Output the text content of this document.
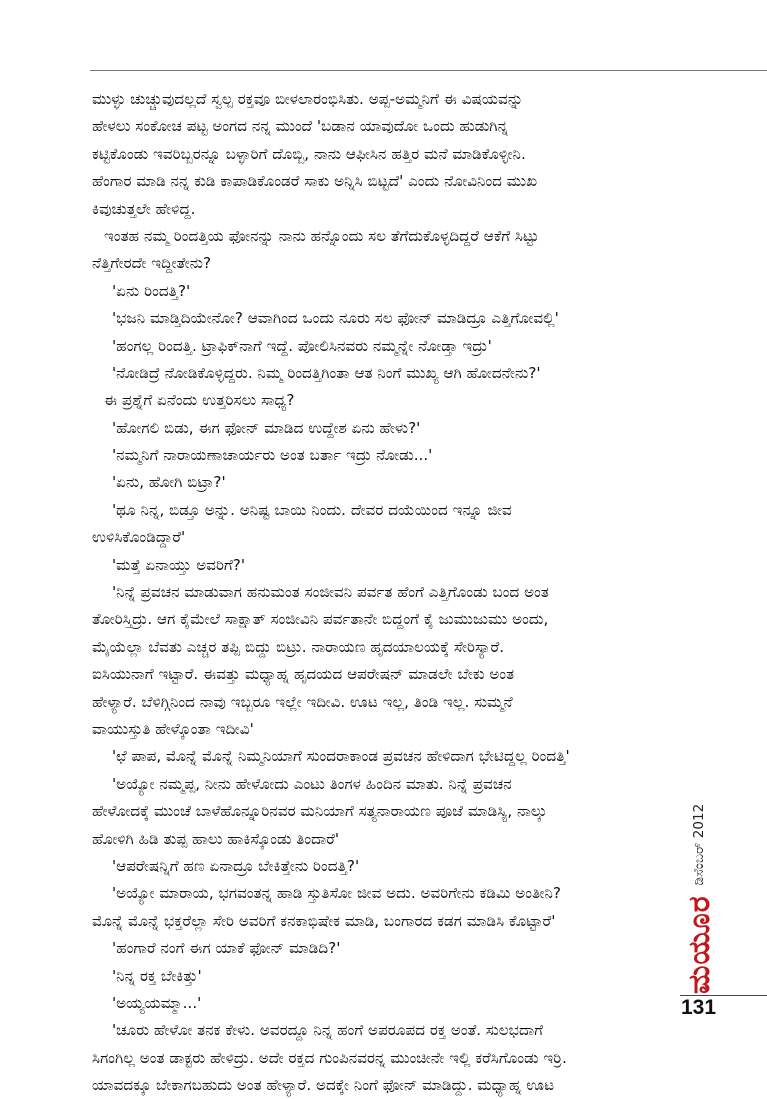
ಮುಳ್ಳು ಚುಚ್ಚುವುದಲ್ಲದೆ ಸ್ವಲ್ಪ ರಕ್ತವೂ ಬೀಳಲಾರಂಭಿಸಿತು. ಅಪ್ಪ-ಅಮ್ಮನಿಗೆ ಈ ವಿಷಯವನ್ನು
ಹೇಳಲು ಸಂಕೋಚ ಪಟ್ಟ ಅಂಗದ ನನ್ನ ಮುಂದೆ 'ಬಡಾನ ಯಾವುದೋ ಒಂದು ಹುಡುಗಿನ್ನ
ಕಟ್ಟಿಕೊಂಡು ಇವರಿಬ್ಬರನ್ನೂ ಬಳ್ಳಾರಿಗೆ ದೊಬ್ಬಿ, ನಾನು ಆಫೀಸಿನ ಹತ್ತಿರ ಮನೆ ಮಾಡಿಕೊಳ್ಳೀನಿ.
ಹೆಂಗಾರ ಮಾಡಿ ನನ್ನ ಕುಡಿ ಕಾಪಾಡಿಕೊಂಡರೆ ಸಾಕು ಅನ್ನಿಸಿ ಬಿಟ್ಟದೆ' ಎಂದು ನೋವಿನಿಂದ ಮುಖ
ಕಿವುಚುತ್ತಲೇ ಹೇಳಿದ್ದ.
ಇಂತಹ ನಮ್ಮ ರಿಂದತ್ತಿಯ ಫೋನನ್ನು ನಾನು ಹನ್ನೊಂದು ಸಲ ತೆಗೆದುಕೊಳ್ಳದಿದ್ದರೆ ಆಕೆಗೆ ಸಿಟ್ಟು
ನೆತ್ತಿಗೇರದೇ ಇದ್ದೀತೇನು?
'ಏನು ರಿಂದತ್ತಿ?'
'ಭಜನಿ ಮಾಡ್ತಿದಿಯೇನೋ? ಆವಾಗಿಂದ ಒಂದು ನೂರು ಸಲ ಫೋನ್ ಮಾಡಿದ್ರೂ ಎತ್ತಿಗೋವಲ್ಲಿ'
'ಹಂಗಲ್ಲ ರಿಂದತ್ತಿ. ಟ್ರಾಫಿಕ್‌ನಾಗೆ ಇದ್ದೆ. ಪೋಲಿಸಿನವರು ನಮ್ಮನ್ನೇ ನೋಡ್ತಾ ಇದ್ರು'
'ನೋಡಿದ್ರೆ ನೋಡಿಕೊಳ್ಳಿದ್ದರು. ನಿಮ್ಮ ರಿಂದತ್ತಿಗಿಂತಾ ಆತ ನಿಂಗೆ ಮುಖ್ಯ ಆಗಿ ಹೋದನೇನು?'
ಈ ಪ್ರಶ್ನೆಗೆ ಏನೆಂದು ಉತ್ತರಿಸಲು ಸಾಧ್ಯ?
'ಹೋಗಲಿ ಬಿಡು, ಈಗ ಫೋನ್ ಮಾಡಿದ ಉದ್ದೇಶ ಏನು ಹೇಳು?'
'ನಮ್ಮನಿಗೆ ನಾರಾಯಣಾಚಾರ್ಯರು ಅಂತ ಬರ್ತಾ ಇದ್ರು ನೋಡು...'
'ಏನು, ಹೋಗಿ ಬಿಟ್ರಾ?'
'ಥೂ ನಿನ್ನ, ಬಿಡ್ತೂ ಅನ್ನು. ಅನಿಷ್ಟ ಬಾಯಿ ನಿಂದು. ದೇವರ ದಯೆಯಿಂದ ಇನ್ನೂ ಜೀವ
ಉಳಿಸಿಕೊಂಡಿದ್ದಾರೆ'
'ಮತ್ತೆ ಏನಾಯ್ತು ಅವರಿಗೆ?'
'ನಿನ್ನೆ ಪ್ರವಚನ ಮಾಡುವಾಗ ಹನುಮಂತ ಸಂಜೀವನಿ ಪರ್ವತ ಹೆಂಗೆ ಎತ್ತಿಗೊಂಡು ಬಂದ ಅಂತ
ತೋರಿಸ್ತಿದ್ರು. ಆಗ ಕೈಮೇಲೆ ಸಾಕ್ಷಾತ್ ಸಂಜೀವಿನಿ ಪರ್ವತಾನೇ ಬಿದ್ದಂಗೆ ಕೈ ಜುಮುಜುಮು ಅಂದು,
ಮೈಯೆಲ್ಲಾ ಬೆವತು ಎಚ್ಚರ ತಪ್ಪಿ ಬಿದ್ದು ಬಿಟ್ರು. ನಾರಾಯಣ ಹೃದಯಾಲಯಕ್ಕೆ ಸೇರಿಸ್ಯಾರೆ.
ಐಸಿಯುನಾಗೆ ಇಟ್ಟಾರೆ. ಈವತ್ತು ಮಧ್ಯಾಹ್ನ ಹೃದಯದ ಆಪರೇಷನ್ ಮಾಡಲೇ ಬೇಕು ಅಂತ
ಹೇಳ್ಯಾರೆ. ಬೆಳಿಗ್ಗಿನಿಂದ ನಾವು ಇಬ್ಬರೂ ಇಲ್ಲೇ ಇದೀವಿ. ಊಟ ಇಲ್ಲ, ತಿಂಡಿ ಇಲ್ಲ. ಸುಮ್ಮನೆ
ವಾಯುಸ್ತುತಿ ಹೇಳ್ಕೊಂತಾ ಇದೀವಿ'
'ಛೆ ಪಾಪ, ಮೊನ್ನೆ ಮೊನ್ನೆ ನಿಮ್ಮನಿಯಾಗೆ ಸುಂದರಾಕಾಂಡ ಪ್ರವಚನ ಹೇಳಿದಾಗ ಭೇಟಿದ್ದಲ್ಲ ರಿಂದತ್ತಿ'
'ಅಯ್ಯೋ ನಮ್ಮಪ್ಪ, ನೀನು ಹೇಳೋದು ಎಂಟು ತಿಂಗಳ ಹಿಂದಿನ ಮಾತು. ನಿನ್ನೆ ಪ್ರವಚನ
ಹೇಳೋದಕ್ಕೆ ಮುಂಚೆ ಬಾಳೆಹೊನ್ನೂರಿನವರ ಮನಿಯಾಗೆ ಸತ್ಯನಾರಾಯಣ ಪೂಜೆ ಮಾಡಿಸ್ಯಿ, ನಾಲ್ಕು
ಹೋಳಿಗಿ ಹಿಡಿ ತುಪ್ಪ ಹಾಲು ಹಾಕಿಸ್ಕೊಂಡು ತಿಂದಾರೆ'
'ಆಪರೇಷನ್ನಿಗೆ ಹಣ ಏನಾದ್ರೂ ಬೇಕಿತ್ತೇನು ರಿಂದತ್ತಿ?'
'ಅಯ್ಯೋ ಮಾರಾಯ, ಭಗವಂತನ್ನ ಹಾಡಿ ಸ್ತುತಿಸೋ ಜೀವ ಅದು. ಅವರಿಗೇನು ಕಡಿಮಿ ಅಂತೀನಿ?
ಮೊನ್ನೆ ಮೊನ್ನೆ ಭಕ್ತರೆಲ್ಲಾ ಸೇರಿ ಅವರಿಗೆ ಕನಕಾಭಿಷೇಕ ಮಾಡಿ, ಬಂಗಾರದ ಕಡಗ ಮಾಡಿಸಿ ಕೊಟ್ಟಾರೆ'
'ಹಂಗಾರೆ ನಂಗೆ ಈಗ ಯಾಕೆ ಫೋನ್ ಮಾಡಿದಿ?'
'ನಿನ್ನ ರಕ್ತ ಬೇಕಿತ್ತು'
'ಅಯ್ಯಯಮ್ಮಾ...'
'ಚೂರು ಹೇಳೋ ತನಕ ಕೇಳು. ಅವರದ್ದೂ ನಿನ್ನ ಹಂಗೆ ಅಪರೂಪದ ರಕ್ತ ಅಂತೆ. ಸುಲಭದಾಗೆ
ಸಿಗಂಗಿಲ್ಲ ಅಂತ ಡಾಕ್ಟರು ಹೇಳಿದ್ರು. ಅದೇ ರಕ್ತದ ಗುಂಪಿನವರನ್ನ ಮುಂಚೀನೇ ಇಲ್ಲಿ ಕರೆಸಿಗೊಂಡು ಇರ್ರಿ.
ಯಾವದಕ್ಕೂ ಬೇಕಾಗಬಹುದು ಅಂತ ಹೇಳ್ಯಾರೆ. ಅದಕ್ಕೇ ನಿಂಗೆ ಫೋನ್ ಮಾಡಿದ್ದು. ಮಧ್ಯಾಹ್ನ ಊಟ
ಮಯೂರ
ಡಿಸೆಂಬರ್ 2012
131
